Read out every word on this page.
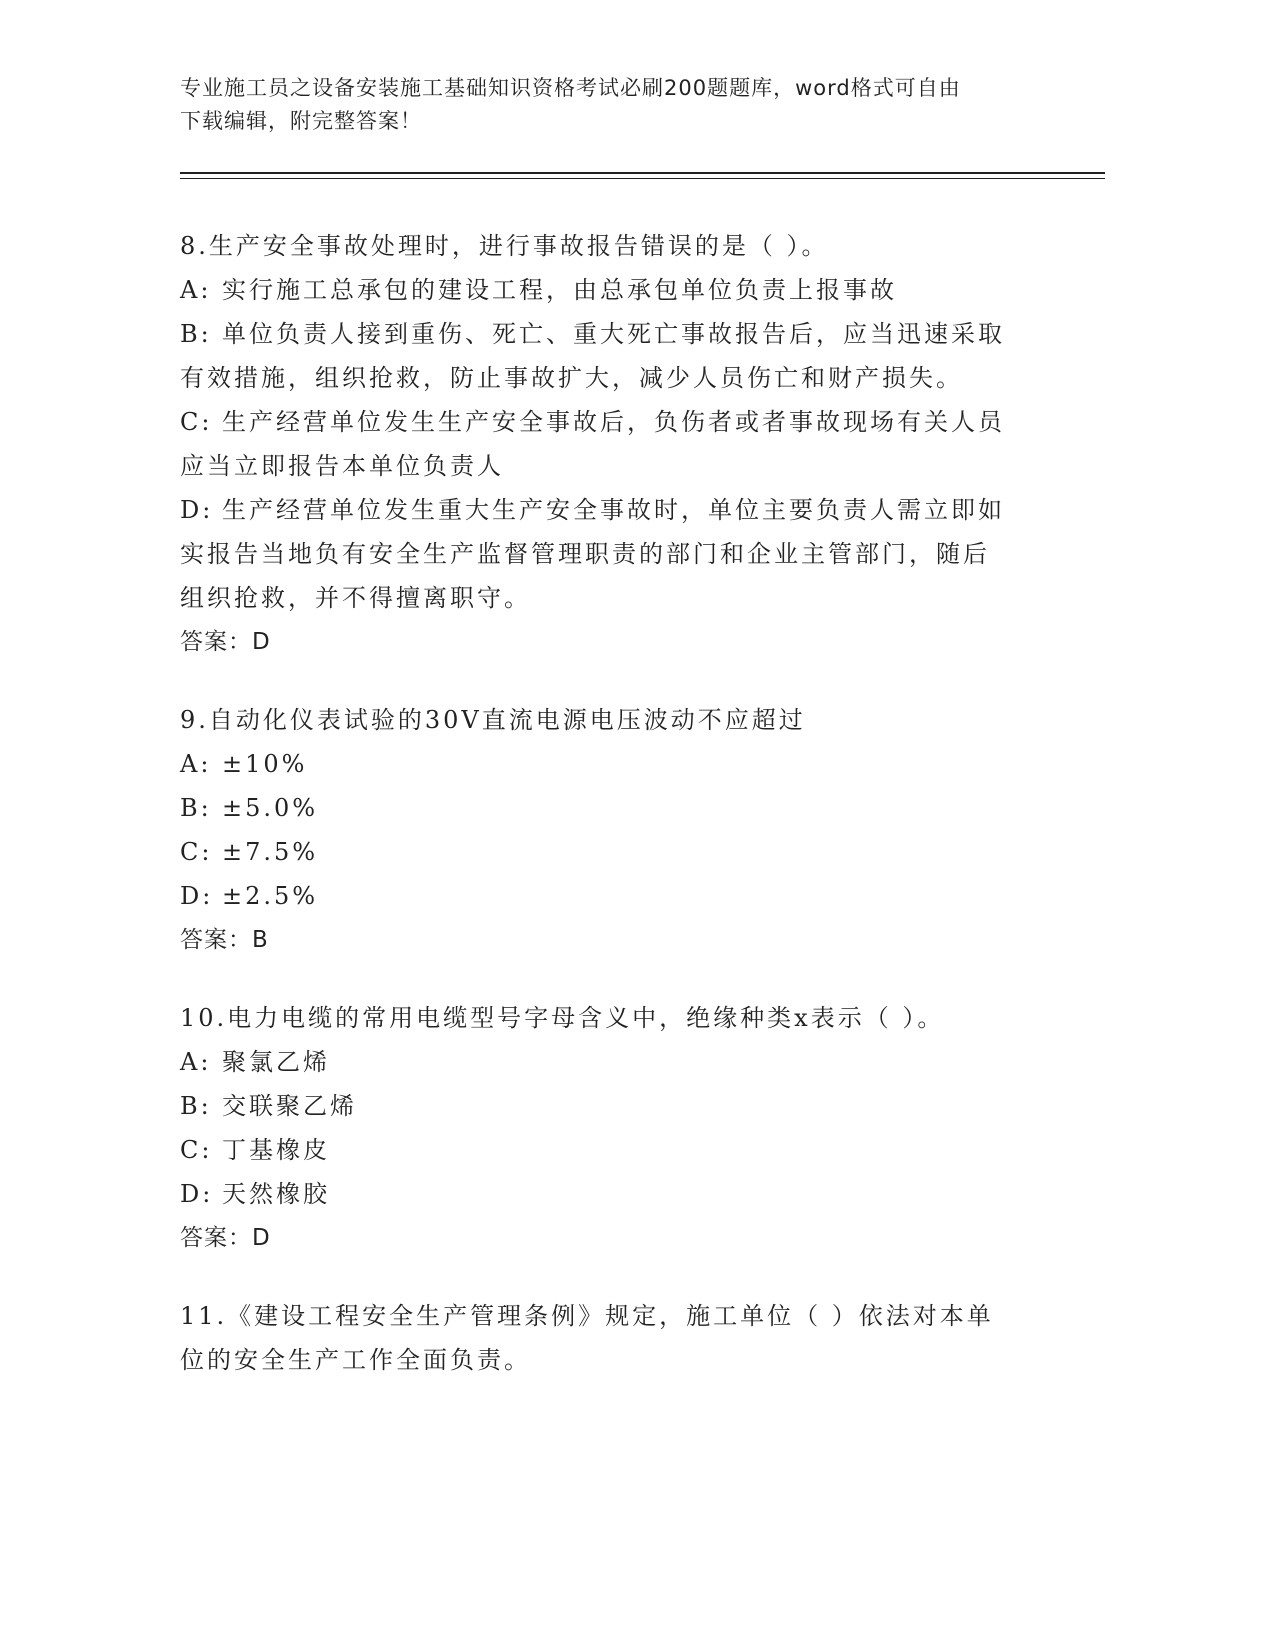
专业施工员之设备安装施工基础知识资格考试必刷200题题库，word格式可自由
下载编辑，附完整答案！
8.生产安全事故处理时，进行事故报告错误的是（ ）。
A: 实行施工总承包的建设工程，由总承包单位负责上报事故
B: 单位负责人接到重伤、死亡、重大死亡事故报告后，应当迅速采取
有效措施，组织抢救，防止事故扩大，减少人员伤亡和财产损失。
C: 生产经营单位发生生产安全事故后，负伤者或者事故现场有关人员
应当立即报告本单位负责人
D: 生产经营单位发生重大生产安全事故时，单位主要负责人需立即如
实报告当地负有安全生产监督管理职责的部门和企业主管部门，随后
组织抢救，并不得擅离职守。
答案：D
9.自动化仪表试验的30V直流电源电压波动不应超过
A: ±10%
B: ±5.0%
C: ±7.5%
D: ±2.5%
答案：B
10.电力电缆的常用电缆型号字母含义中，绝缘种类x表示（ ）。
A: 聚氯乙烯
B: 交联聚乙烯
C: 丁基橡皮
D: 天然橡胶
答案：D
11.《建设工程安全生产管理条例》规定，施工单位（ ）依法对本单
位的安全生产工作全面负责。
